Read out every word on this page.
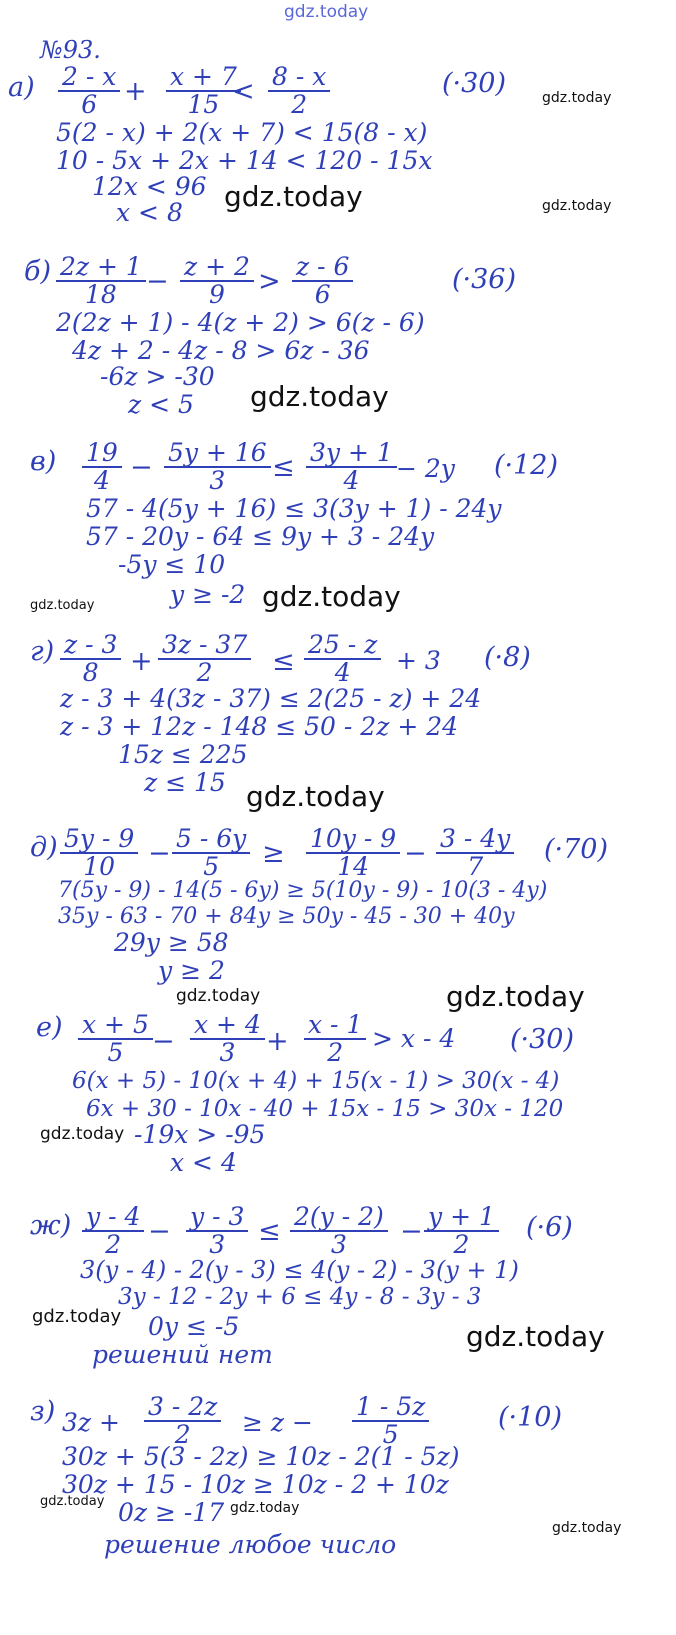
gdz.today
№93.
$а) \frac{2 - x}{6} + \frac{x + 7}{15}$
< $\frac{8 - x}{2}$	(·30)	gdz.today
5(2 - x) + 2(x + 7) < 15(8 - x)
10 - 5x + 2x + 14 < 120 - 15x
12x < 96 gdz.today
x < 8	gdz.today
$б) \frac{2z + 1}{18} - \frac{z + 2}{9} > \frac{z - 6}{6}$	(·36)
2(2z + 1) - 4(z + 2) > 6(z - 6)
4z + 2 - 4z - 8 > 6z - 36
-6z > -30
z < 5 gdz.today
$в) \frac{19}{4} - \frac{5y + 16}{3} \le \frac{3y + 1}{4} - 2y$ (·12)
57 - 4(5y + 16) ≤ 3(3y + 1) - 24y
57 - 20y - 64 ≤ 9y + 3 - 24y
-5y ≤ 10
y ≥ -2
gdz.today	gdz.today
$г) \frac{z - 3}{8} + \frac{3z - 37}{2} \le \frac{25 - z}{4} + 3$ (·8)
z - 3 + 4(3z - 37) ≤ 2(25 - z) + 24
z - 3 + 12z - 148 ≤ 50 - 2z + 24
15z ≤ 225
z ≤ 15 gdz.today
$д) \frac{5y - 9}{10} - \frac{5 - 6y}{5} \ge \frac{10y - 9}{14} - \frac{3 - 4y}{7} (\cdot 70)$
7(5y - 9) - 14(5 - 6y) ≥ 5(10y - 9) - 10(3 - 4y)
35y - 63 - 70 + 84y ≥ 50y - 45 - 30 + 40y
29y ≥ 58
y ≥ 2
gdz.today	gdz.today
$е) \frac{x + 5}{5} - \frac{x + 4}{3} + \frac{x - 1}{2} > x - 4$ (·30)
6(x + 5) - 10(x + 4) + 15(x - 1) > 30(x - 4)
6x + 30 - 10x - 40 + 15x - 15 > 30x - 120
gdz.today -19x > -95
x < 4
$ж) \frac{y - 4}{2} - \frac{y - 3}{3} \le \frac{2(y - 2)}{3} - \frac{y + 1}{2} (\cdot 6)$
3(y - 4) - 2(y - 3) ≤ 4(y - 2) - 3(y + 1)
3y - 12 - 2y + 6 ≤ 4y - 8 - 3y - 3
gdz.today 0y ≤ -5	gdz.today
решений нет
з) $3z + \frac{3 - 2z}{2} \ge z - \frac{1 - 5z}{5}$	(·10)
30z + 5(3 - 2z) ≥ 10z - 2(1 - 5z)
30z + 15 - 10z ≥ 10z - 2 + 10z
gdz.today 0z ≥ -17 gdz.today
решение любое число
gdz.today
